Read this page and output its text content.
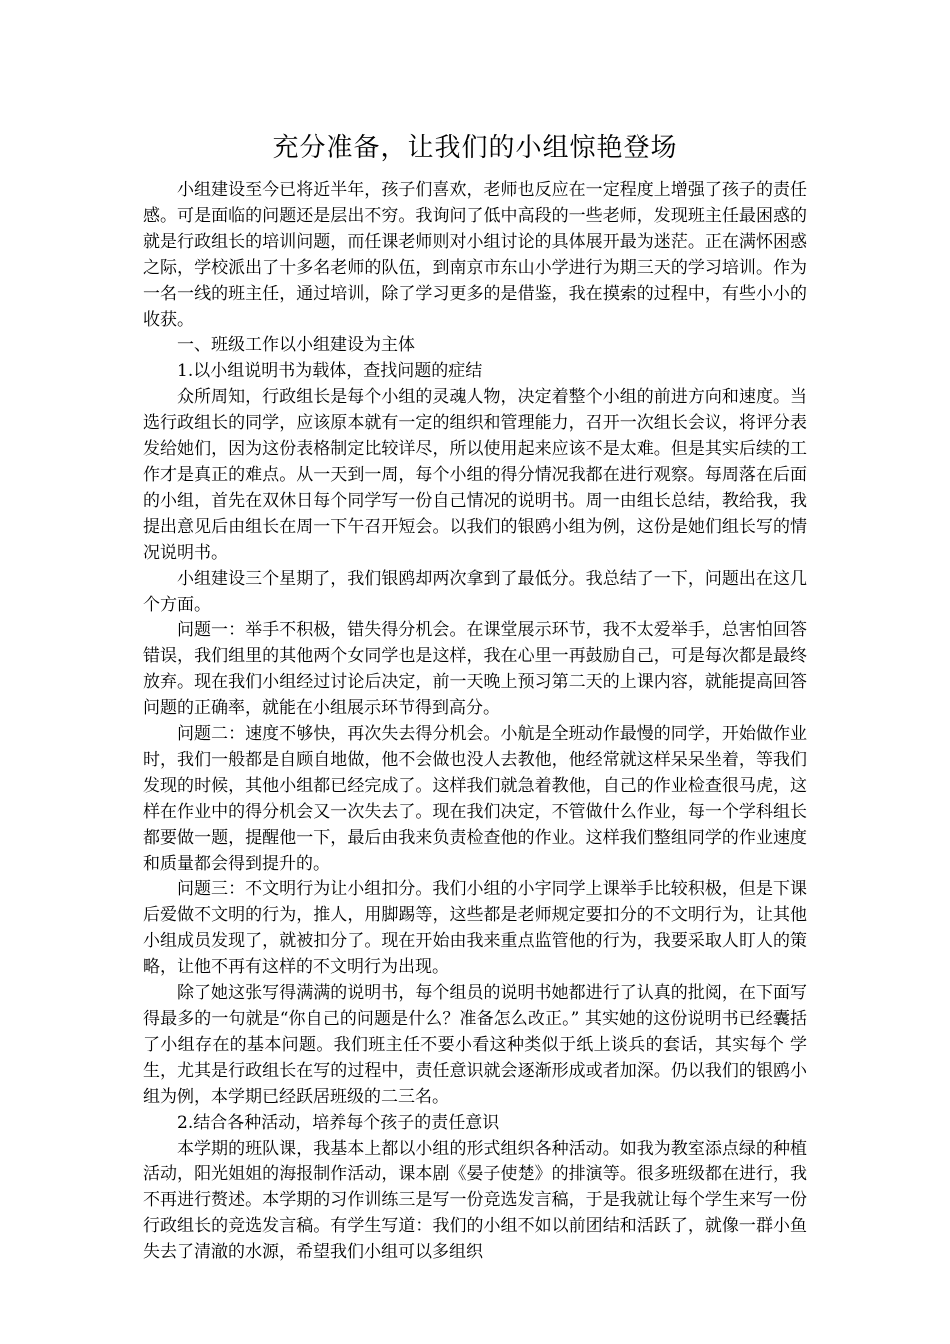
充分准备，让我们的小组惊艳登场

小组建设至今已将近半年，孩子们喜欢，老师也反应在一定程度上增强了孩子的责任感。可是面临的问题还是层出不穷。我询问了低中高段的一些老师，发现班主任最困惑的就是行政组长的培训问题，而任课老师则对小组讨论的具体展开最为迷茫。正在满怀困惑之际，学校派出了十多名老师的队伍，到南京市东山小学进行为期三天的学习培训。作为一名一线的班主任，通过培训，除了学习更多的是借鉴，我在摸索的过程中，有些小小的收获。

一、班级工作以小组建设为主体

1.以小组说明书为载体，查找问题的症结

众所周知，行政组长是每个小组的灵魂人物，决定着整个小组的前进方向和速度。当选行政组长的同学，应该原本就有一定的组织和管理能力，召开一次组长会议，将评分表发给她们，因为这份表格制定比较详尽，所以使用起来应该不是太难。但是其实后续的工作才是真正的难点。从一天到一周，每个小组的得分情况我都在进行观察。每周落在后面的小组，首先在双休日每个同学写一份自己情况的说明书。周一由组长总结，教给我，我提出意见后由组长在周一下午召开短会。以我们的银鸥小组为例，这份是她们组长写的情况说明书。

小组建设三个星期了，我们银鸥却两次拿到了最低分。我总结了一下，问题出在这几个方面。

问题一：举手不积极，错失得分机会。在课堂展示环节，我不太爱举手，总害怕回答错误，我们组里的其他两个女同学也是这样，我在心里一再鼓励自己，可是每次都是最终放弃。现在我们小组经过讨论后决定，前一天晚上预习第二天的上课内容，就能提高回答问题的正确率，就能在小组展示环节得到高分。

问题二：速度不够快，再次失去得分机会。小航是全班动作最慢的同学，开始做作业时，我们一般都是自顾自地做，他不会做也没人去教他，他经常就这样呆呆坐着，等我们发现的时候，其他小组都已经完成了。这样我们就急着教他，自己的作业检查很马虎，这样在作业中的得分机会又一次失去了。现在我们决定，不管做什么作业，每一个学科组长都要做一题，提醒他一下，最后由我来负责检查他的作业。这样我们整组同学的作业速度和质量都会得到提升的。

问题三：不文明行为让小组扣分。我们小组的小宇同学上课举手比较积极，但是下课后爱做不文明的行为，推人，用脚踢等，这些都是老师规定要扣分的不文明行为，让其他小组成员发现了，就被扣分了。现在开始由我来重点监管他的行为，我要采取人盯人的策略，让他不再有这样的不文明行为出现。

除了她这张写得满满的说明书，每个组员的说明书她都进行了认真的批阅，在下面写得最多的一句就是“你自己的问题是什么？准备怎么改正。” 其实她的这份说明书已经囊括了小组存在的基本问题。我们班主任不要小看这种类似于纸上谈兵的套话，其实每个 学生，尤其是行政组长在写的过程中，责任意识就会逐渐形成或者加深。仍以我们的银鸥小组为例，本学期已经跃居班级的二三名。

2.结合各种活动，培养每个孩子的责任意识

本学期的班队课，我基本上都以小组的形式组织各种活动。如我为教室添点绿的种植活动，阳光姐姐的海报制作活动，课本剧《晏子使楚》的排演等。很多班级都在进行，我不再进行赘述。本学期的习作训练三是写一份竞选发言稿，于是我就让每个学生来写一份行政组长的竞选发言稿。有学生写道：我们的小组不如以前团结和活跃了，就像一群小鱼失去了清澈的水源，希望我们小组可以多组织
